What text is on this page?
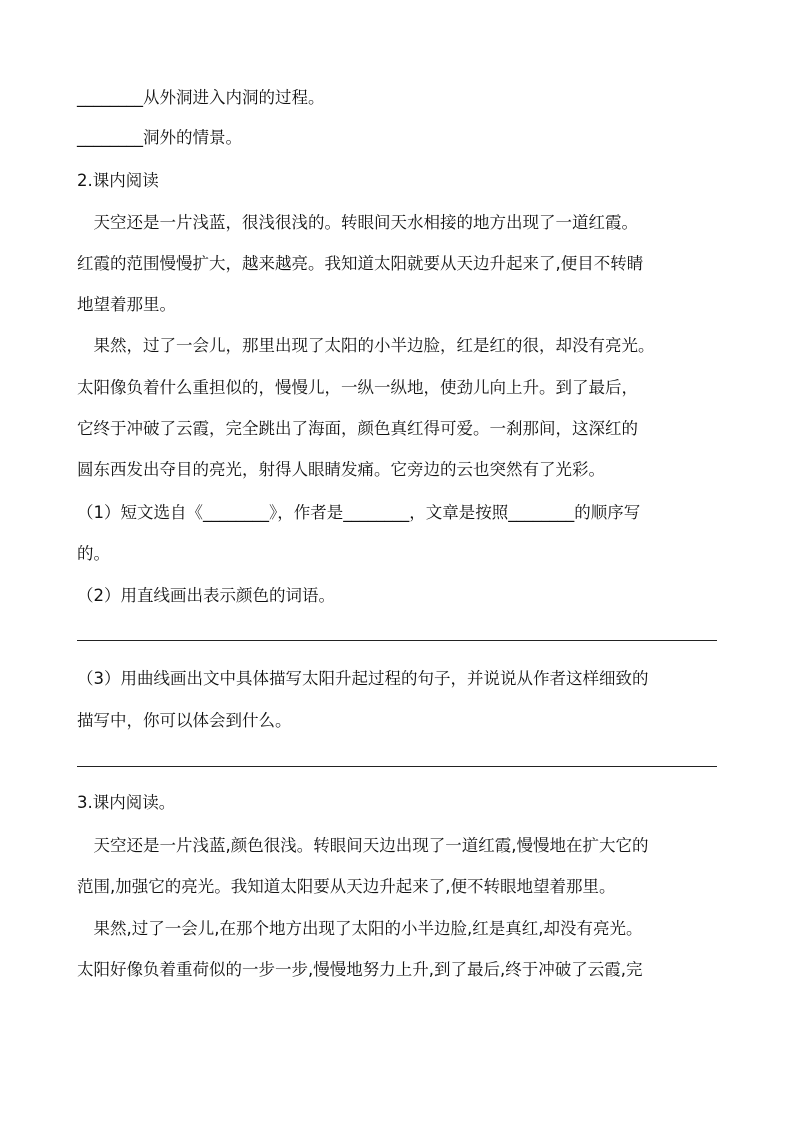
________从外洞进入内洞的过程。
________洞外的情景。
2.课内阅读
　天空还是一片浅蓝，很浅很浅的。转眼间天水相接的地方出现了一道红霞。
红霞的范围慢慢扩大，越来越亮。我知道太阳就要从天边升起来了,便目不转睛
地望着那里。
　果然，过了一会儿，那里出现了太阳的小半边脸，红是红的很，却没有亮光。
太阳像负着什么重担似的，慢慢儿，一纵一纵地，使劲儿向上升。到了最后，
它终于冲破了云霞，完全跳出了海面，颜色真红得可爱。一刹那间，这深红的
圆东西发出夺目的亮光，射得人眼睛发痛。它旁边的云也突然有了光彩。
（1）短文选自《________》，作者是________，文章是按照________的顺序写
的。
（2）用直线画出表示颜色的词语。
（3）用曲线画出文中具体描写太阳升起过程的句子，并说说从作者这样细致的
描写中，你可以体会到什么。
3.课内阅读。
　天空还是一片浅蓝,颜色很浅。转眼间天边出现了一道红霞,慢慢地在扩大它的
范围,加强它的亮光。我知道太阳要从天边升起来了,便不转眼地望着那里。
　果然,过了一会儿,在那个地方出现了太阳的小半边脸,红是真红,却没有亮光。
太阳好像负着重荷似的一步一步,慢慢地努力上升,到了最后,终于冲破了云霞,完
